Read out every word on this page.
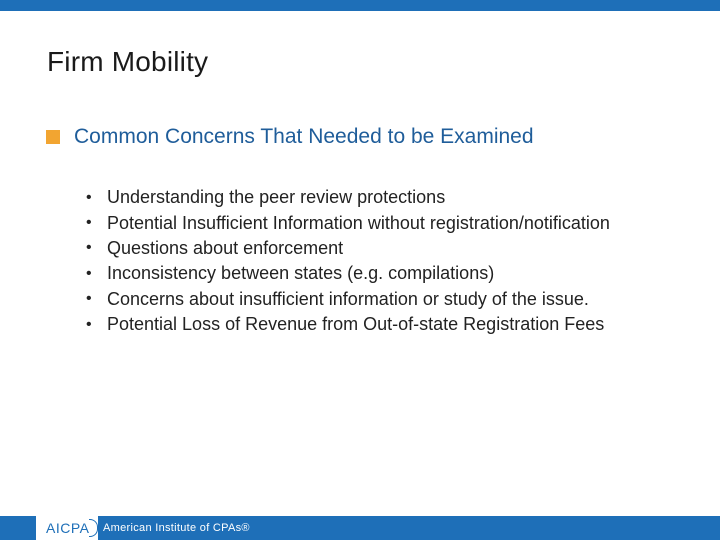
Firm Mobility
Common Concerns That Needed to be Examined
• Understanding the peer review protections
• Potential Insufficient Information without registration/notification
• Questions about enforcement
• Inconsistency between states (e.g. compilations)
• Concerns about insufficient information or study of the issue.
• Potential Loss of Revenue from Out-of-state Registration Fees
AICPA American Institute of CPAs®
